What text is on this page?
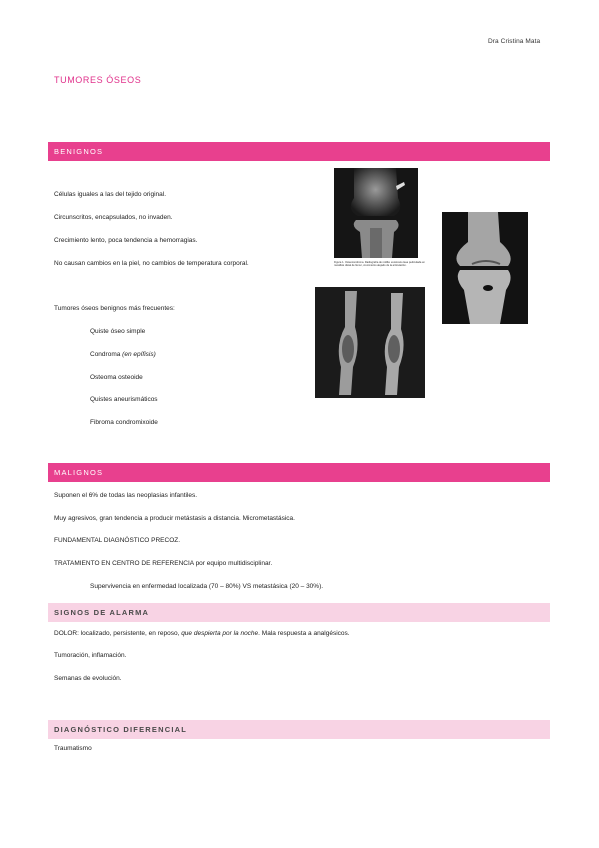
Dra Cristina Mata
TUMORES ÓSEOS
BENIGNOS
Células iguales a las del tejido original.
Circunscritos, encapsulados, no invaden.
Crecimiento lento, poca tendencia a hemorragias.
No causan cambios en la piel, no cambios de temperatura corporal.
Tumores óseos benignos más frecuentes:
Quiste óseo simple
Condroma (en epífisis)
Osteoma osteoide
Quistes aneurismáticos
Fibroma condromixoide
Figura 1. Osteocondroma. Radiografía de rodilla: exostosis ósea pediculada en metáfisis distal de fémur, crecimiento alejado de la articulación.
MALIGNOS
Suponen el 6% de todas las neoplasias infantiles.
Muy agresivos, gran tendencia a producir metástasis a distancia. Micrometastásica.
FUNDAMENTAL DIAGNÓSTICO PRECOZ.
TRATAMIENTO EN CENTRO DE REFERENCIA por equipo multidisciplinar.
Supervivencia en enfermedad localizada (70 – 80%) VS metastásica (20 – 30%).
SIGNOS DE ALARMA
DOLOR: localizado, persistente, en reposo, que despierta por la noche. Mala respuesta a analgésicos.
Tumoración, inflamación.
Semanas de evolución.
DIAGNÓSTICO DIFERENCIAL
Traumatismo
